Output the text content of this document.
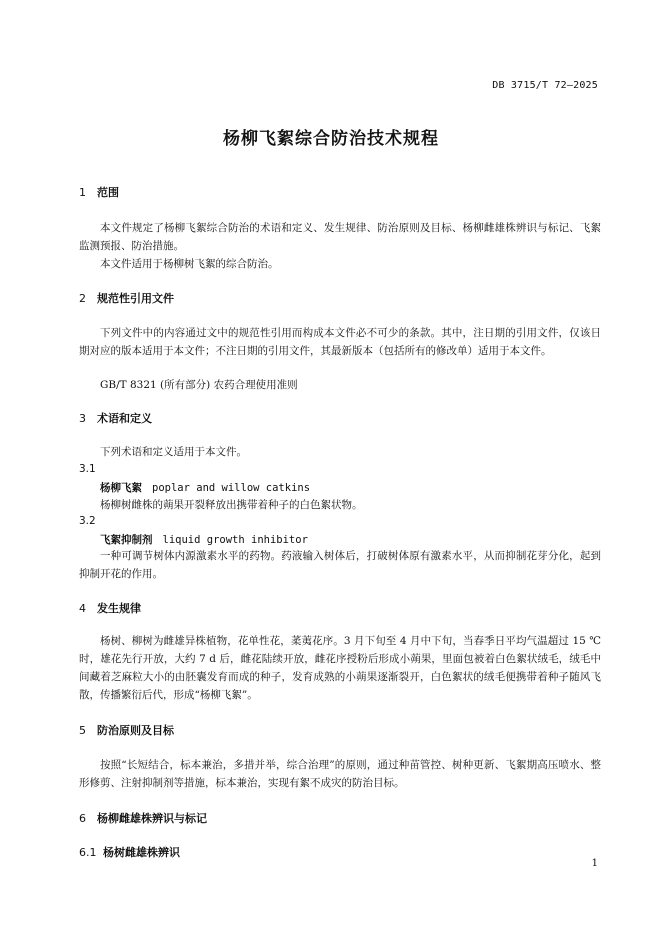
DB 3715/T 72—2025
杨柳飞絮综合防治技术规程
1 范围
本文件规定了杨柳飞絮综合防治的术语和定义、发生规律、防治原则及目标、杨柳雌雄株辨识与标记、飞絮监测预报、防治措施。
本文件适用于杨柳树飞絮的综合防治。
2 规范性引用文件
下列文件中的内容通过文中的规范性引用而构成本文件必不可少的条款。其中，注日期的引用文件，仅该日期对应的版本适用于本文件；不注日期的引用文件，其最新版本（包括所有的修改单）适用于本文件。
GB/T 8321 (所有部分) 农药合理使用准则
3 术语和定义
下列术语和定义适用于本文件。
3.1
杨柳飞絮 poplar and willow catkins
杨柳树雌株的蒴果开裂释放出携带着种子的白色絮状物。
3.2
飞絮抑制剂 liquid growth inhibitor
一种可调节树体内源激素水平的药物。药液输入树体后，打破树体原有激素水平，从而抑制花芽分化，起到抑制开花的作用。
4 发生规律
杨树、柳树为雌雄异株植物，花单性花，葇荑花序。3 月下旬至 4 月中下旬，当春季日平均气温超过 15 ℃时，雄花先行开放，大约 7 d 后，雌花陆续开放，雌花序授粉后形成小蒴果，里面包被着白色絮状绒毛，绒毛中间藏着芝麻粒大小的由胚囊发育而成的种子，发育成熟的小蒴果逐渐裂开，白色絮状的绒毛便携带着种子随风飞散，传播繁衍后代，形成“杨柳飞絮”。
5 防治原则及目标
按照“长短结合，标本兼治，多措并举，综合治理”的原则，通过种苗管控、树种更新、飞絮期高压喷水、整形修剪、注射抑制剂等措施，标本兼治，实现有絮不成灾的防治目标。
6 杨柳雌雄株辨识与标记
6.1 杨树雌雄株辨识
1
